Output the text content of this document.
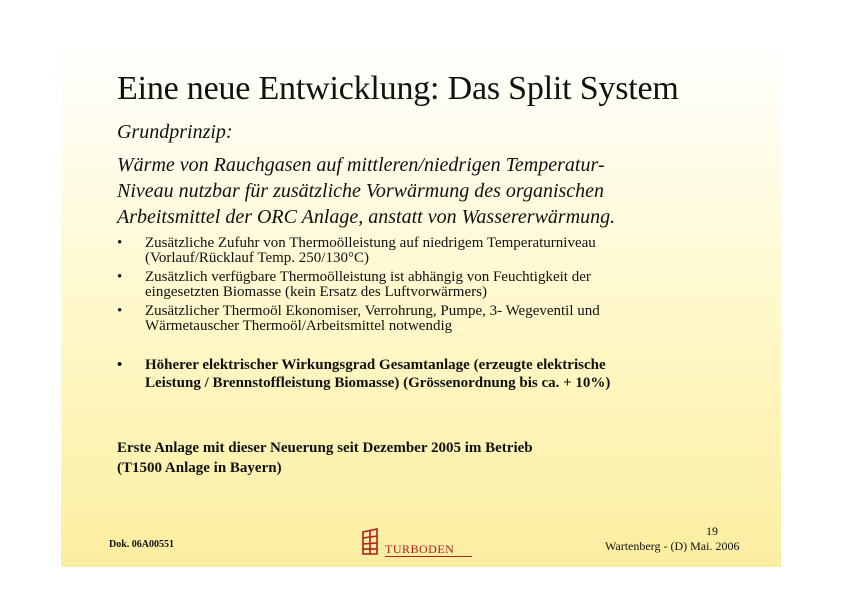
Eine neue Entwicklung: Das Split System
Grundprinzip:
Wärme von Rauchgasen auf mittleren/niedrigen Temperatur-
Niveau nutzbar für zusätzliche Vorwärmung des organischen
Arbeitsmittel der ORC Anlage, anstatt von Wassererwärmung.
• Zusätzliche Zufuhr von Thermoölleistung auf niedrigem Temperaturniveau
(Vorlauf/Rücklauf Temp. 250/130°C)
• Zusätzlich verfügbare Thermoölleistung ist abhängig von Feuchtigkeit der
eingesetzten Biomasse (kein Ersatz des Luftvorwärmers)
• Zusätzlicher Thermoöl Ekonomiser, Verrohrung, Pumpe, 3- Wegeventil und
Wärmetauscher Thermoöl/Arbeitsmittel notwendig
• Höherer elektrischer Wirkungsgrad Gesamtanlage (erzeugte elektrische
Leistung / Brennstoffleistung Biomasse) (Grössenordnung bis ca. + 10%)
Erste Anlage mit dieser Neuerung seit Dezember 2005 im Betrieb
(T1500 Anlage in Bayern)
Dok. 06A00551	TURBODEN
19
Wartenberg - (D) Mai. 2006
